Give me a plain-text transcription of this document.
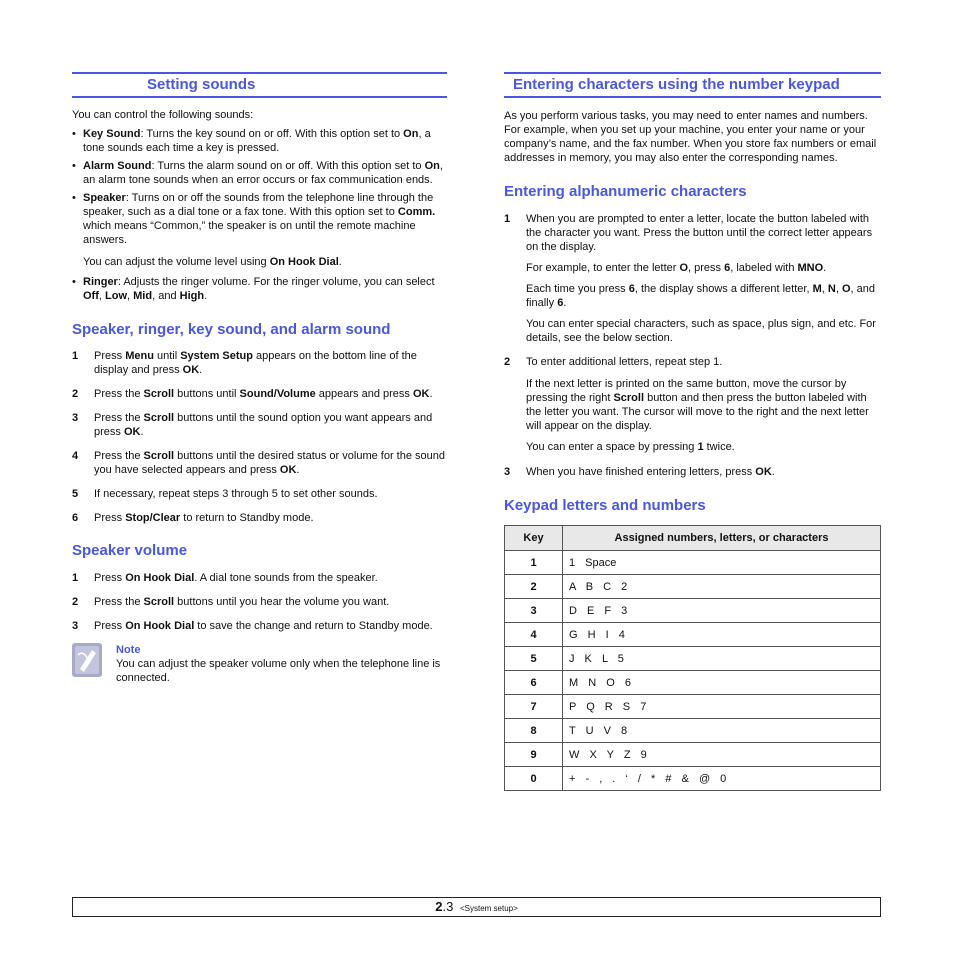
Setting sounds

You can control the following sounds:

• Key Sound: Turns the key sound on or off. With this option set to On, a tone sounds each time a key is pressed.
• Alarm Sound: Turns the alarm sound on or off. With this option set to On, an alarm tone sounds when an error occurs or fax communication ends.
• Speaker: Turns on or off the sounds from the telephone line through the speaker, such as a dial tone or a fax tone. With this option set to Comm. which means “Common,” the speaker is on until the remote machine answers.

You can adjust the volume level using On Hook Dial.

• Ringer: Adjusts the ringer volume. For the ringer volume, you can select Off, Low, Mid, and High.
Speaker, ringer, key sound, and alarm sound
1	Press Menu until System Setup appears on the bottom line of the display and press OK.
2	Press the Scroll buttons until Sound/Volume appears and press OK.
3	Press the Scroll buttons until the sound option you want appears and press OK.
4	Press the Scroll buttons until the desired status or volume for the sound you have selected appears and press OK.
5	If necessary, repeat steps 3 through 5 to set other sounds.
6	Press Stop/Clear to return to Standby mode.
Speaker volume
1	Press On Hook Dial. A dial tone sounds from the speaker.
2	Press the Scroll buttons until you hear the volume you want.
3	Press On Hook Dial to save the change and return to Standby mode.
Note

You can adjust the speaker volume only when the telephone line is connected.

Entering characters using the number keypad

As you perform various tasks, you may need to enter names and numbers. For example, when you set up your machine, you enter your name or your company’s name, and the fax number. When you store fax numbers or email addresses in memory, you may also enter the corresponding names.

Entering alphanumeric characters
1	When you are prompted to enter a letter, locate the button labeled with the character you want. Press the button until the correct letter appears on the display.

For example, to enter the letter O, press 6, labeled with MNO.

Each time you press 6, the display shows a different letter, M, N, O, and finally 6.

You can enter special characters, such as space, plus sign, and etc. For details, see the below section.

2	To enter additional letters, repeat step 1.

If the next letter is printed on the same button, move the cursor by pressing the right Scroll button and then press the button labeled with the letter you want. The cursor will move to the right and the next letter will appear on the display.

You can enter a space by pressing 1 twice.

3	When you have finished entering letters, press OK.
Keypad letters and numbers
Key	Assigned numbers, letters, or characters
1	1 Space
2	A B C 2
3	D E F 3
4	G H I 4
5	J K L 5
6	M N O 6
7	P Q R S 7
8	T U V 8
9	W X Y Z 9
0	+ - , . ‘ / * # & @ 0
2.3 <System setup>
